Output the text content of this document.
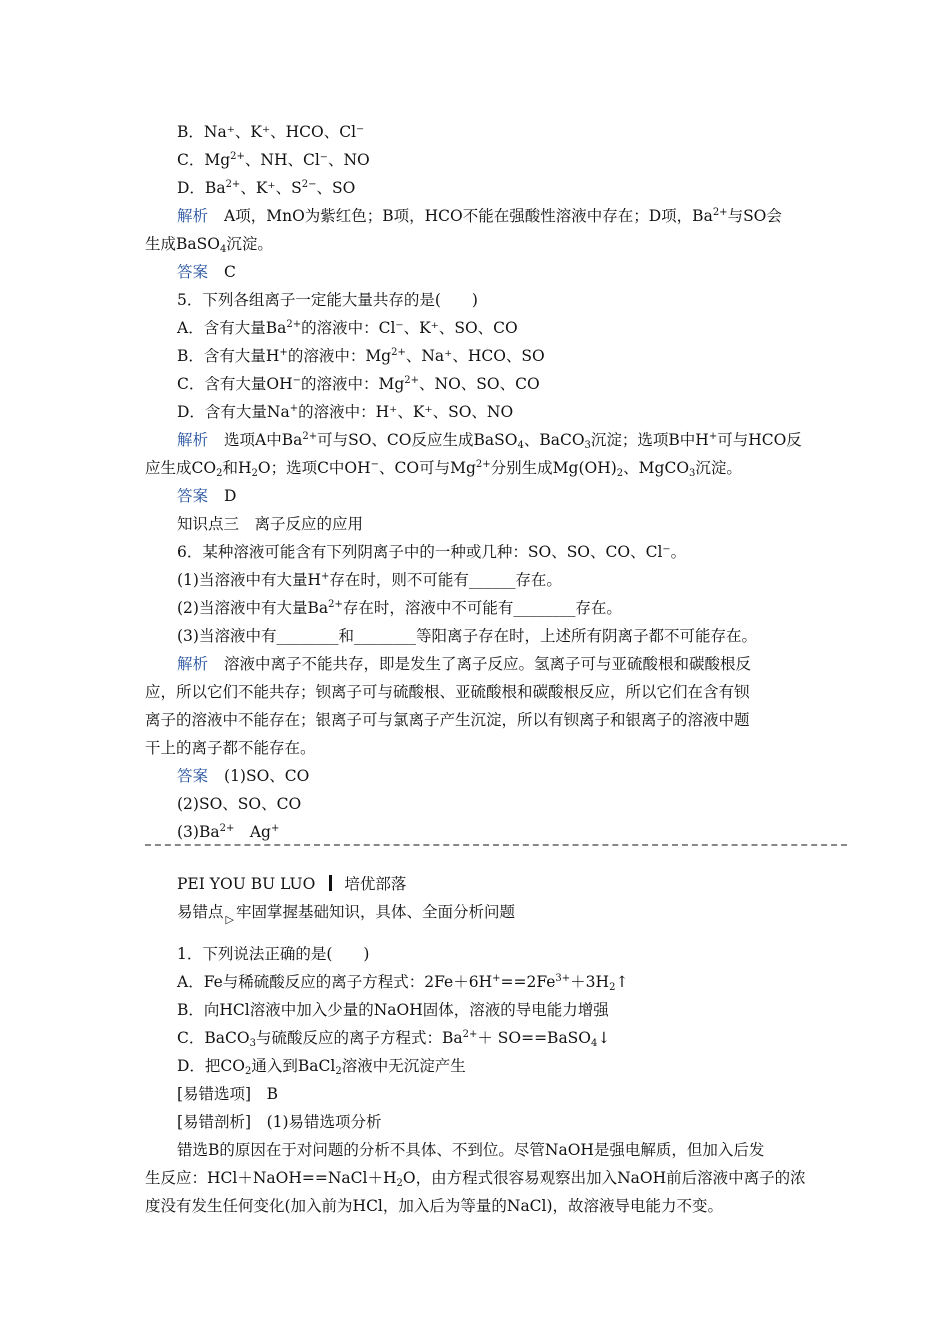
B．Na⁺、K⁺、HCO、Cl⁻
C．$Mg^{2+}$、NH、Cl⁻、NO
D．$Ba^{2+}$、K⁺、$S^{2-}$、SO
解析 A项，MnO为紫红色；B项，HCO不能在强酸性溶液中存在；D项，$Ba^{2+}$与SO会
生成BaSO$_4$沉淀。
答案 C
5．下列各组离子一定能大量共存的是(　　)
A．含有大量$Ba^{2+}$的溶液中：Cl⁻、K⁺、SO、CO
B．含有大量H+的溶液中：$Mg^{2+}$、Na⁺、HCO、SO
C．含有大量OH−的溶液中：$Mg^{2+}$、NO、SO、CO
D．含有大量Na+的溶液中：H⁺、K⁺、SO、NO
解析 选项A中$Ba^{2+}$可与SO、CO反应生成BaSO$_4$、BaCO$_3$沉淀；选项B中H+可与HCO反
应生成$CO_2$和$H_2O$；选项C中OH−、CO可与$Mg^{2+}$分别生成$Mg(OH)_2$、MgCO$_3$沉淀。
答案 D
知识点三　离子反应的应用
6．某种溶液可能含有下列阴离子中的一种或几种：SO、SO、CO、Cl⁻。
(1)当溶液中有大量H+存在时，则不可能有______存在。
(2)当溶液中有大量$Ba^{2+}$存在时，溶液中不可能有________存在。
(3)当溶液中有________和________等阳离子存在时，上述所有阴离子都不可能存在。
解析 溶液中离子不能共存，即是发生了离子反应。氢离子可与亚硫酸根和碳酸根反
应，所以它们不能共存；钡离子可与硫酸根、亚硫酸根和碳酸根反应，所以它们在含有钡
离子的溶液中不能存在；银离子可与氯离子产生沉淀，所以有钡离子和银离子的溶液中题
干上的离子都不能存在。
答案 (1)SO、CO
(2)SO、SO、CO
$(3)Ba^{2+}$　Ag+
PEI YOU BU LUO 培优部落
易错点 ▷ 牢固掌握基础知识，具体、全面分析问题
1．下列说法正确的是(　　)
A．Fe与稀硫酸反应的离子方程式：$2Fe+6H^+==2Fe^{3+}+3H_2↑$
B．向HCl溶液中加入少量的NaOH固体，溶液的导电能力增强
C．BaCO$_3$与硫酸反应的离子方程式：$Ba^{2+}+$ SO==BaSO$_4$↓
D．把$CO_2$通入到BaCl$_2$溶液中无沉淀产生
[易错选项]　B
[易错剖析]　(1)易错选项分析
错选B的原因在于对问题的分析不具体、不到位。尽管NaOH是强电解质，但加入后发
生反应：$HCl+NaOH==NaCl+H_2O$，由方程式很容易观察出加入NaOH前后溶液中离子的浓
度没有发生任何变化(加入前为HCl，加入后为等量的NaCl)，故溶液导电能力不变。
